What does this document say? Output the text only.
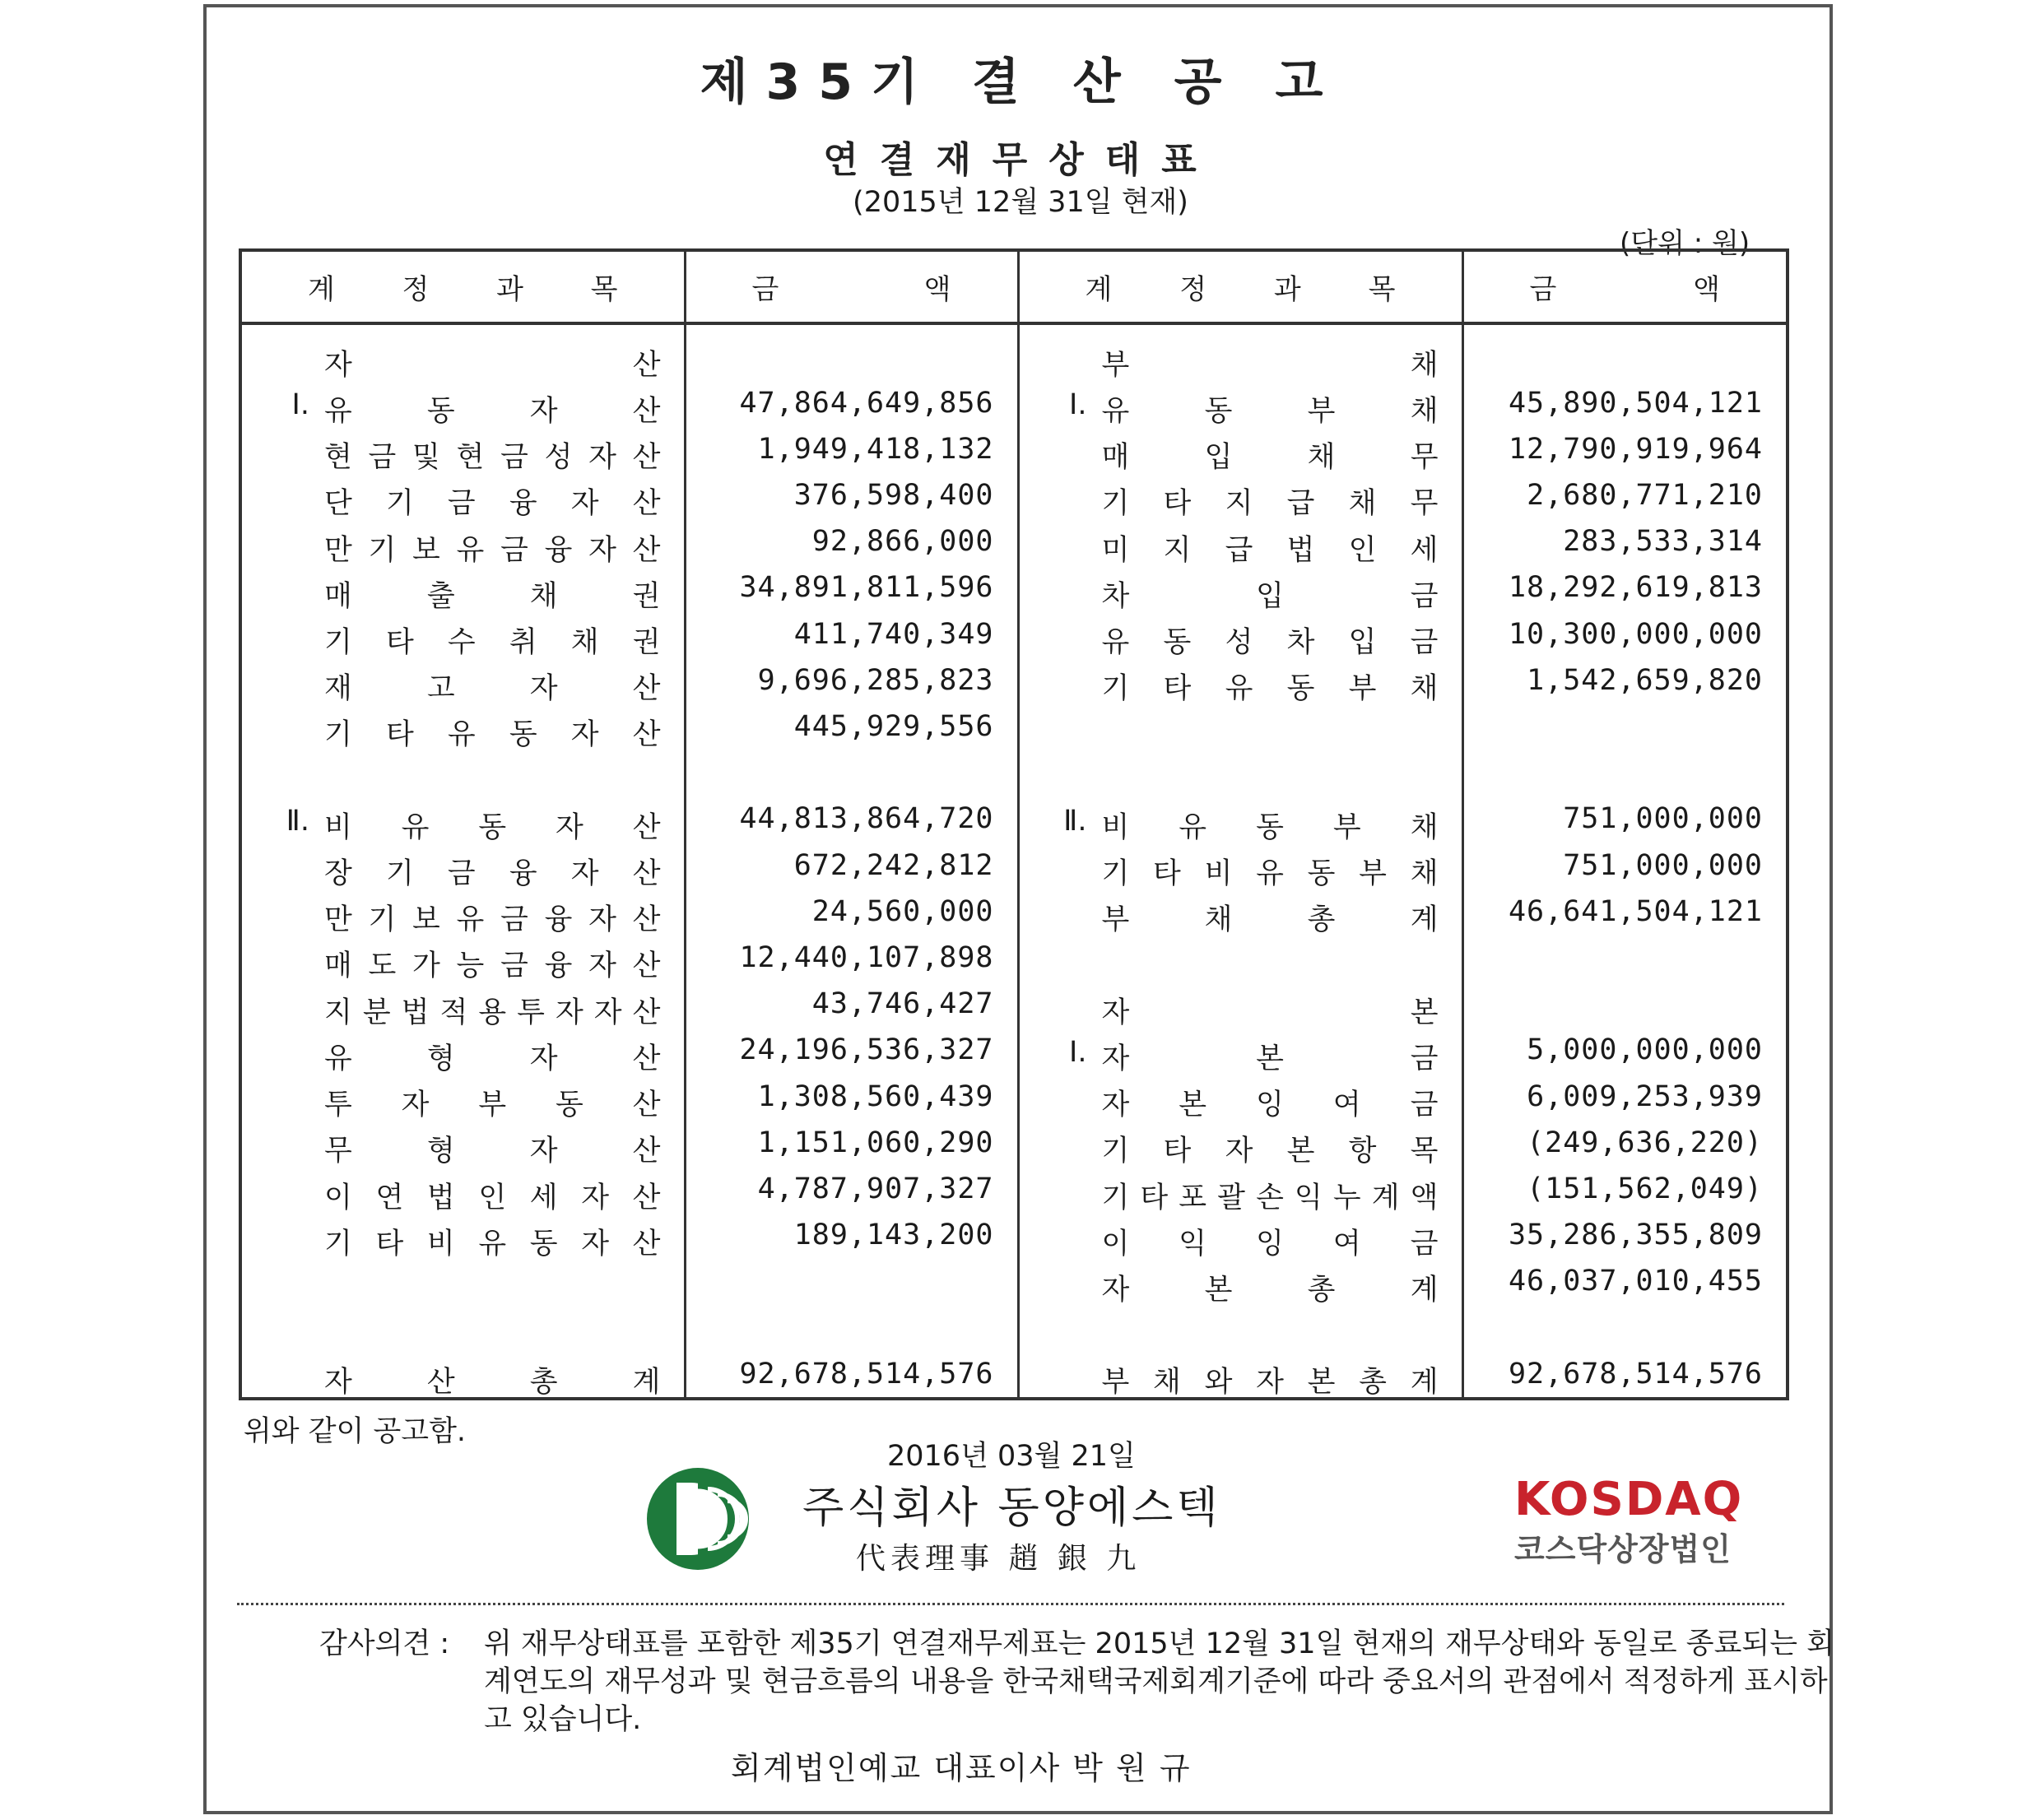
제35기 결 산 공 고
연결재무상태표
(2015년 12월 31일 현재)
(단위 : 원)
계 정 과 목	금 액	계 정 과 목	금 액

자 산		부 채	

Ⅰ. 유 동 자 산	47,864,649,856	Ⅰ. 유 동 부 채	45,890,504,121

현 금 및 현 금 성 자 산	1,949,418,132	매 입 채 무	12,790,919,964

단 기 금 융 자 산	376,598,400	기 타 지 급 채 무	2,680,771,210

만 기 보 유 금 융 자 산	92,866,000	미 지 급 법 인 세	283,533,314

매 출 채 권	34,891,811,596	차 입 금	18,292,619,813

기 타 수 취 채 권	411,740,349	유 동 성 차 입 금	10,300,000,000

재 고 자 산	9,696,285,823	기 타 유 동 부 채	1,542,659,820

기 타 유 동 자 산	445,929,556	

Ⅱ. 비 유 동 자 산	44,813,864,720	Ⅱ. 비 유 동 부 채	751,000,000

장 기 금 융 자 산	672,242,812	기 타 비 유 동 부 채	751,000,000

만 기 보 유 금 융 자 산	24,560,000	부 채 총 계	46,641,504,121

매 도 가 능 금 융 자 산	12,440,107,898	

지 분 법 적 용 투 자 자 산	43,746,427	자 본	

유 형 자 산	24,196,536,327	Ⅰ. 자 본 금	5,000,000,000

투 자 부 동 산	1,308,560,439	자 본 잉 여 금	6,009,253,939

무 형 자 산	1,151,060,290	기 타 자 본 항 목	(249,636,220)

이 연 법 인 세 자 산	4,787,907,327	기 타 포 괄 손 익 누 계 액	(151,562,049)

기 타 비 유 동 자 산	189,143,200	이 익 잉 여 금	35,286,355,809

		자 본 총 계	46,037,010,455

자 산 총 계	92,678,514,576	부 채 와 자 본 총 계	92,678,514,576
위와 같이 공고함.
2016년 03월 21일
주식회사 동양에스텍
代表理事 趙 銀 九
KOSDAQ
코스닥상장법인
감사의견 : 위 재무상태표를 포함한 제35기 연결재무제표는 2015년 12월 31일 현재의 재무상태와 동일로 종료되는 회계연도의 재무성과 및 현금흐름의 내용을 한국채택국제회계기준에 따라 중요서의 관점에서 적정하게 표시하고 있습니다.
회계법인예교 대표이사 박 원 규
